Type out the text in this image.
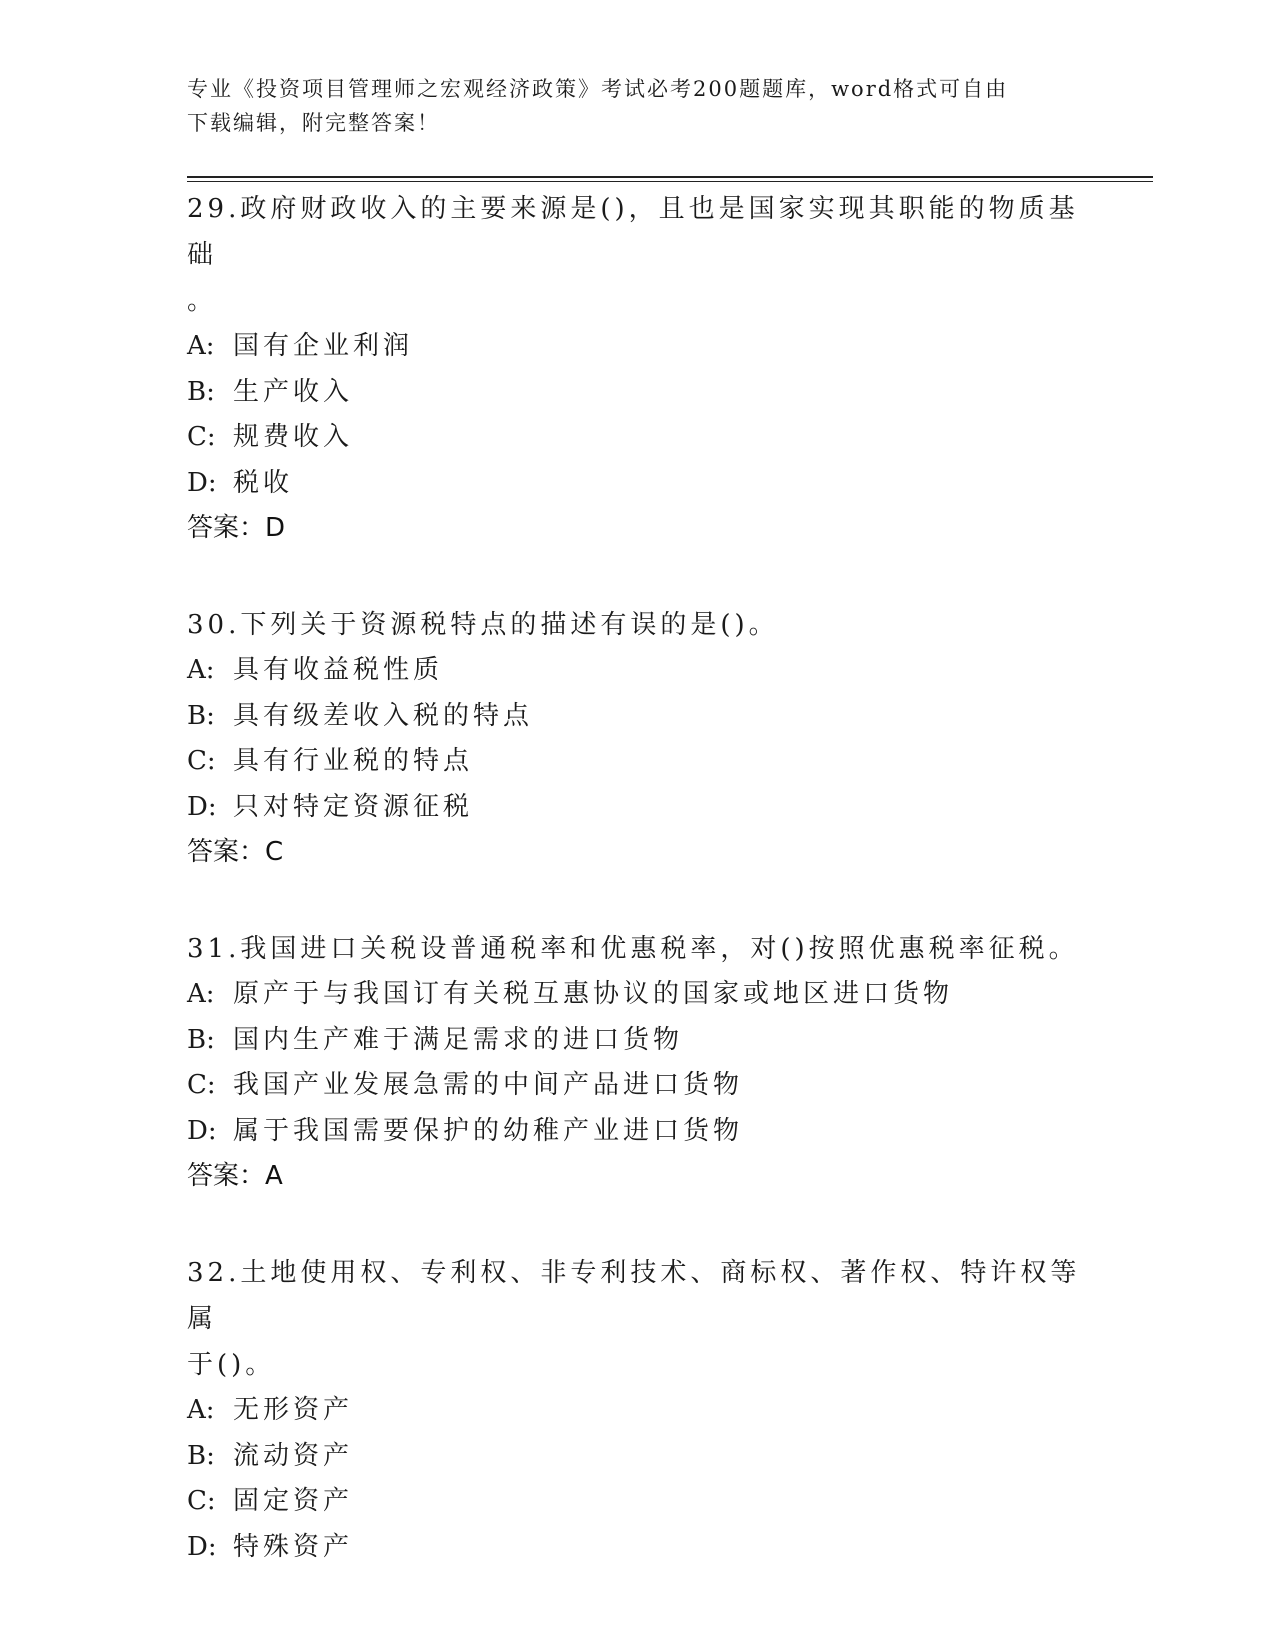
专业《投资项目管理师之宏观经济政策》考试必考200题题库，word格式可自由
下载编辑，附完整答案！
29.政府财政收入的主要来源是()，且也是国家实现其职能的物质基础
。
A: 国有企业利润
B: 生产收入
C: 规费收入
D: 税收
答案：D
30.下列关于资源税特点的描述有误的是()。
A: 具有收益税性质
B: 具有级差收入税的特点
C: 具有行业税的特点
D: 只对特定资源征税
答案：C
31.我国进口关税设普通税率和优惠税率，对()按照优惠税率征税。
A: 原产于与我国订有关税互惠协议的国家或地区进口货物
B: 国内生产难于满足需求的进口货物
C: 我国产业发展急需的中间产品进口货物
D: 属于我国需要保护的幼稚产业进口货物
答案：A
32.土地使用权、专利权、非专利技术、商标权、著作权、特许权等属
于()。
A: 无形资产
B: 流动资产
C: 固定资产
D: 特殊资产
